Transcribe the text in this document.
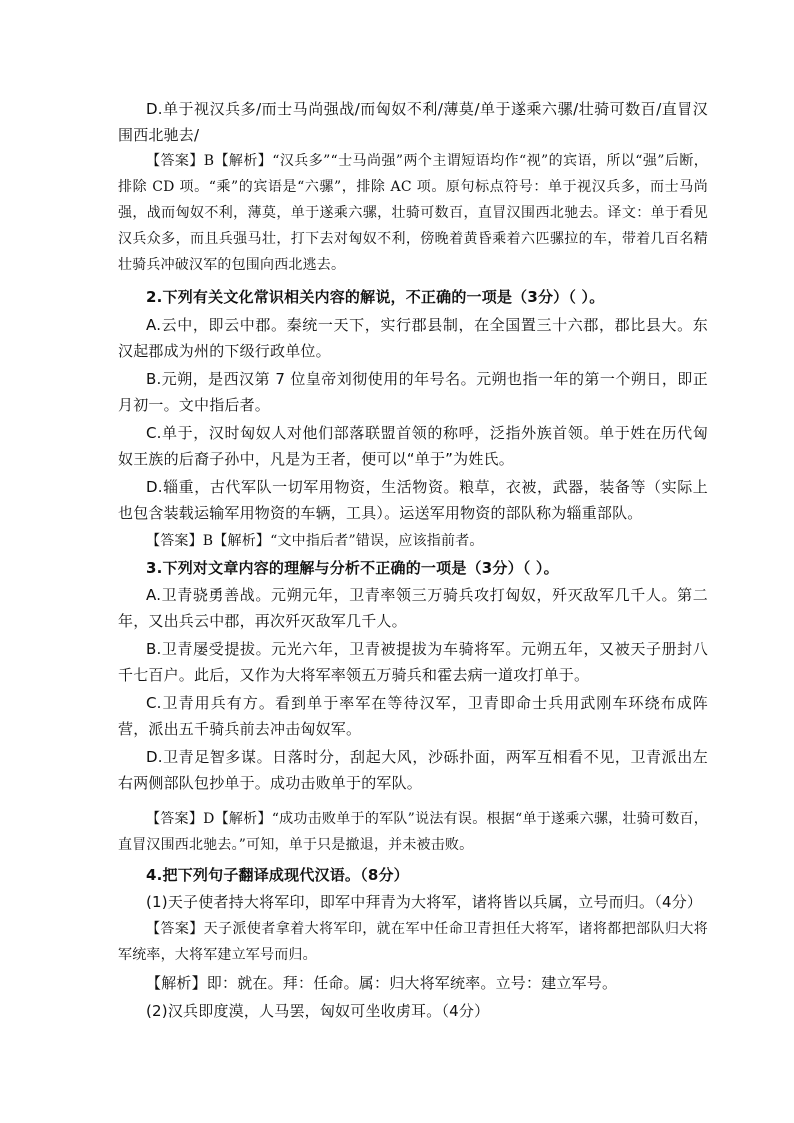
D.单于视汉兵多/而士马尚强战/而匈奴不利/薄莫/单于遂乘六骡/壮骑可数百/直冒汉围西北驰去/
【答案】B【解析】“汉兵多”“士马尚强”两个主谓短语均作“视”的宾语，所以“强”后断，排除 CD 项。“乘”的宾语是“六骡”，排除 AC 项。原句标点符号：单于视汉兵多，而士马尚强，战而匈奴不利，薄莫，单于遂乘六骡，壮骑可数百，直冒汉围西北驰去。译文：单于看见汉兵众多，而且兵强马壮，打下去对匈奴不利，傍晚着黄昏乘着六匹骡拉的车，带着几百名精壮骑兵冲破汉军的包围向西北逃去。
2.下列有关文化常识相关内容的解说，不正确的一项是（3分）（ ）。
A.云中，即云中郡。秦统一天下，实行郡县制，在全国置三十六郡，郡比县大。东汉起郡成为州的下级行政单位。
B.元朔，是西汉第 7 位皇帝刘彻使用的年号名。元朔也指一年的第一个朔日，即正月初一。文中指后者。
C.单于，汉时匈奴人对他们部落联盟首领的称呼，泛指外族首领。单于姓在历代匈奴王族的后裔子孙中，凡是为王者，便可以“单于”为姓氏。
D.辎重，古代军队一切军用物资，生活物资。粮草，衣被，武器，装备等（实际上也包含装载运输军用物资的车辆，工具）。运送军用物资的部队称为辎重部队。
【答案】B【解析】“文中指后者”错误，应该指前者。
3.下列对文章内容的理解与分析不正确的一项是（3分）（ ）。
A.卫青骁勇善战。元朔元年，卫青率领三万骑兵攻打匈奴，歼灭敌军几千人。第二年，又出兵云中郡，再次歼灭敌军几千人。
B.卫青屡受提拔。元光六年，卫青被提拔为车骑将军。元朔五年，又被天子册封八千七百户。此后，又作为大将军率领五万骑兵和霍去病一道攻打单于。
C.卫青用兵有方。看到单于率军在等待汉军，卫青即命士兵用武刚车环绕布成阵营，派出五千骑兵前去冲击匈奴军。
D.卫青足智多谋。日落时分，刮起大风，沙砾扑面，两军互相看不见，卫青派出左右两侧部队包抄单于。成功击败单于的军队。
【答案】D【解析】“成功击败单于的军队”说法有误。根据“单于遂乘六骡，壮骑可数百，直冒汉围西北驰去。”可知，单于只是撤退，并未被击败。
4.把下列句子翻译成现代汉语。（8分）
(1)天子使者持大将军印，即军中拜青为大将军，诸将皆以兵属，立号而归。（4分）
【答案】天子派使者拿着大将军印，就在军中任命卫青担任大将军，诸将都把部队归大将军统率，大将军建立军号而归。
【解析】即：就在。拜：任命。属：归大将军统率。立号：建立军号。
(2)汉兵即度漠，人马罢，匈奴可坐收虏耳。（4分）
